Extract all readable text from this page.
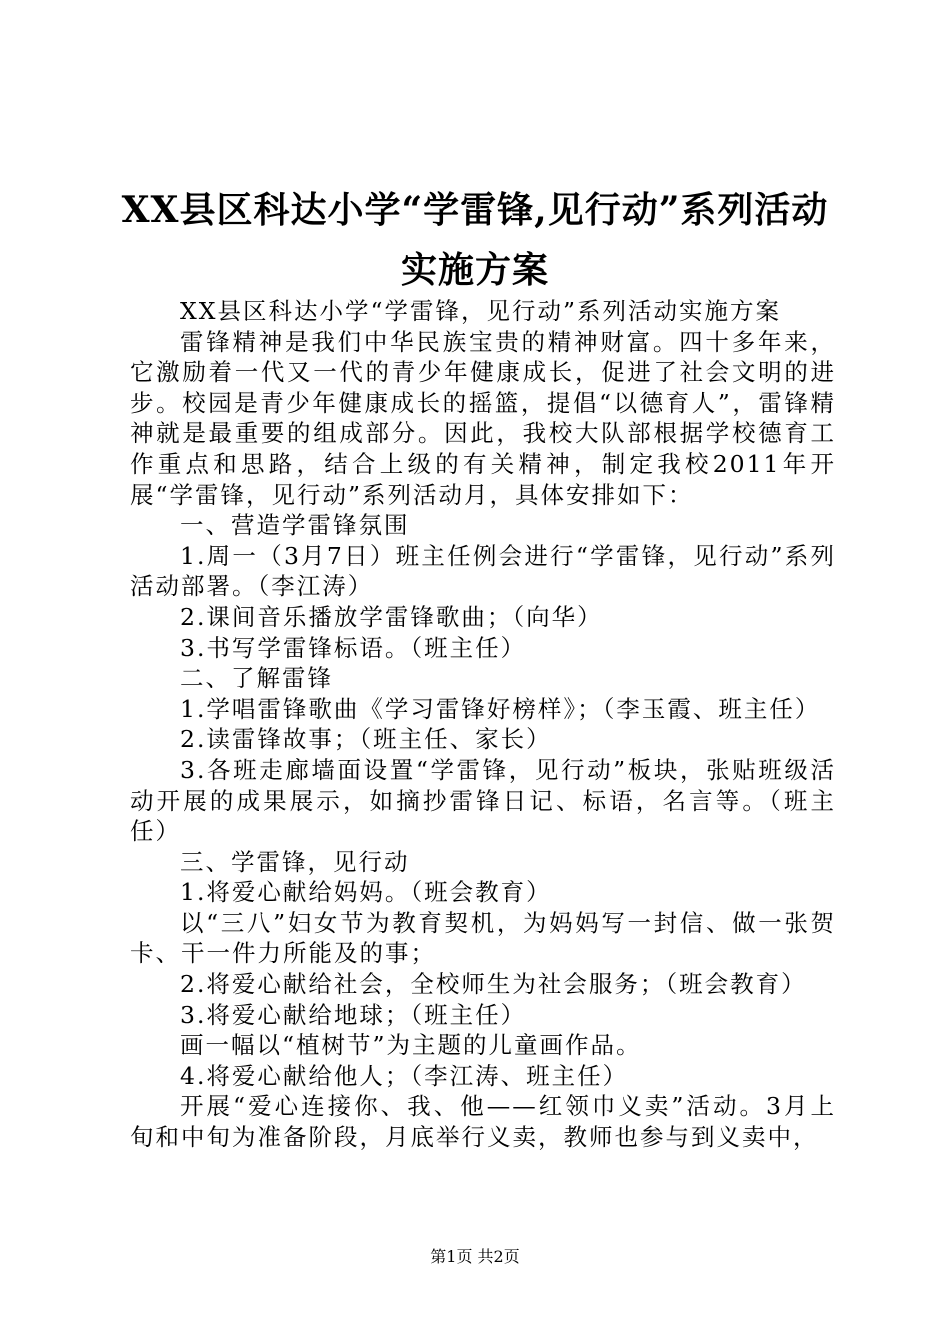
XX县区科达小学“学雷锋,见行动”系列活动
实施方案

XX县区科达小学“学雷锋，见行动”系列活动实施方案

雷锋精神是我们中华民族宝贵的精神财富。四十多年来，它激励着一代又一代的青少年健康成长，促进了社会文明的进步。校园是青少年健康成长的摇篮，提倡“以德育人”，雷锋精神就是最重要的组成部分。因此，我校大队部根据学校德育工作重点和思路，结合上级的有关精神，制定我校2011年开展“学雷锋，见行动”系列活动月，具体安排如下：

一、营造学雷锋氛围

1.周一（3月7日）班主任例会进行“学雷锋，见行动”系列活动部署。（李江涛）

2.课间音乐播放学雷锋歌曲；（向华）

3.书写学雷锋标语。（班主任）

二、了解雷锋

1.学唱雷锋歌曲《学习雷锋好榜样》；（李玉霞、班主任）

2.读雷锋故事；（班主任、家长）

3.各班走廊墙面设置“学雷锋，见行动”板块，张贴班级活动开展的成果展示，如摘抄雷锋日记、标语，名言等。（班主任）

三、学雷锋，见行动

1.将爱心献给妈妈。（班会教育）

以“三八”妇女节为教育契机，为妈妈写一封信、做一张贺卡、干一件力所能及的事；

2.将爱心献给社会，全校师生为社会服务；（班会教育）

3.将爱心献给地球；（班主任）

画一幅以“植树节”为主题的儿童画作品。

4.将爱心献给他人；（李江涛、班主任）

开展“爱心连接你、我、他——红领巾义卖”活动。3月上旬和中旬为准备阶段，月底举行义卖，教师也参与到义卖中，

第1页 共2页
